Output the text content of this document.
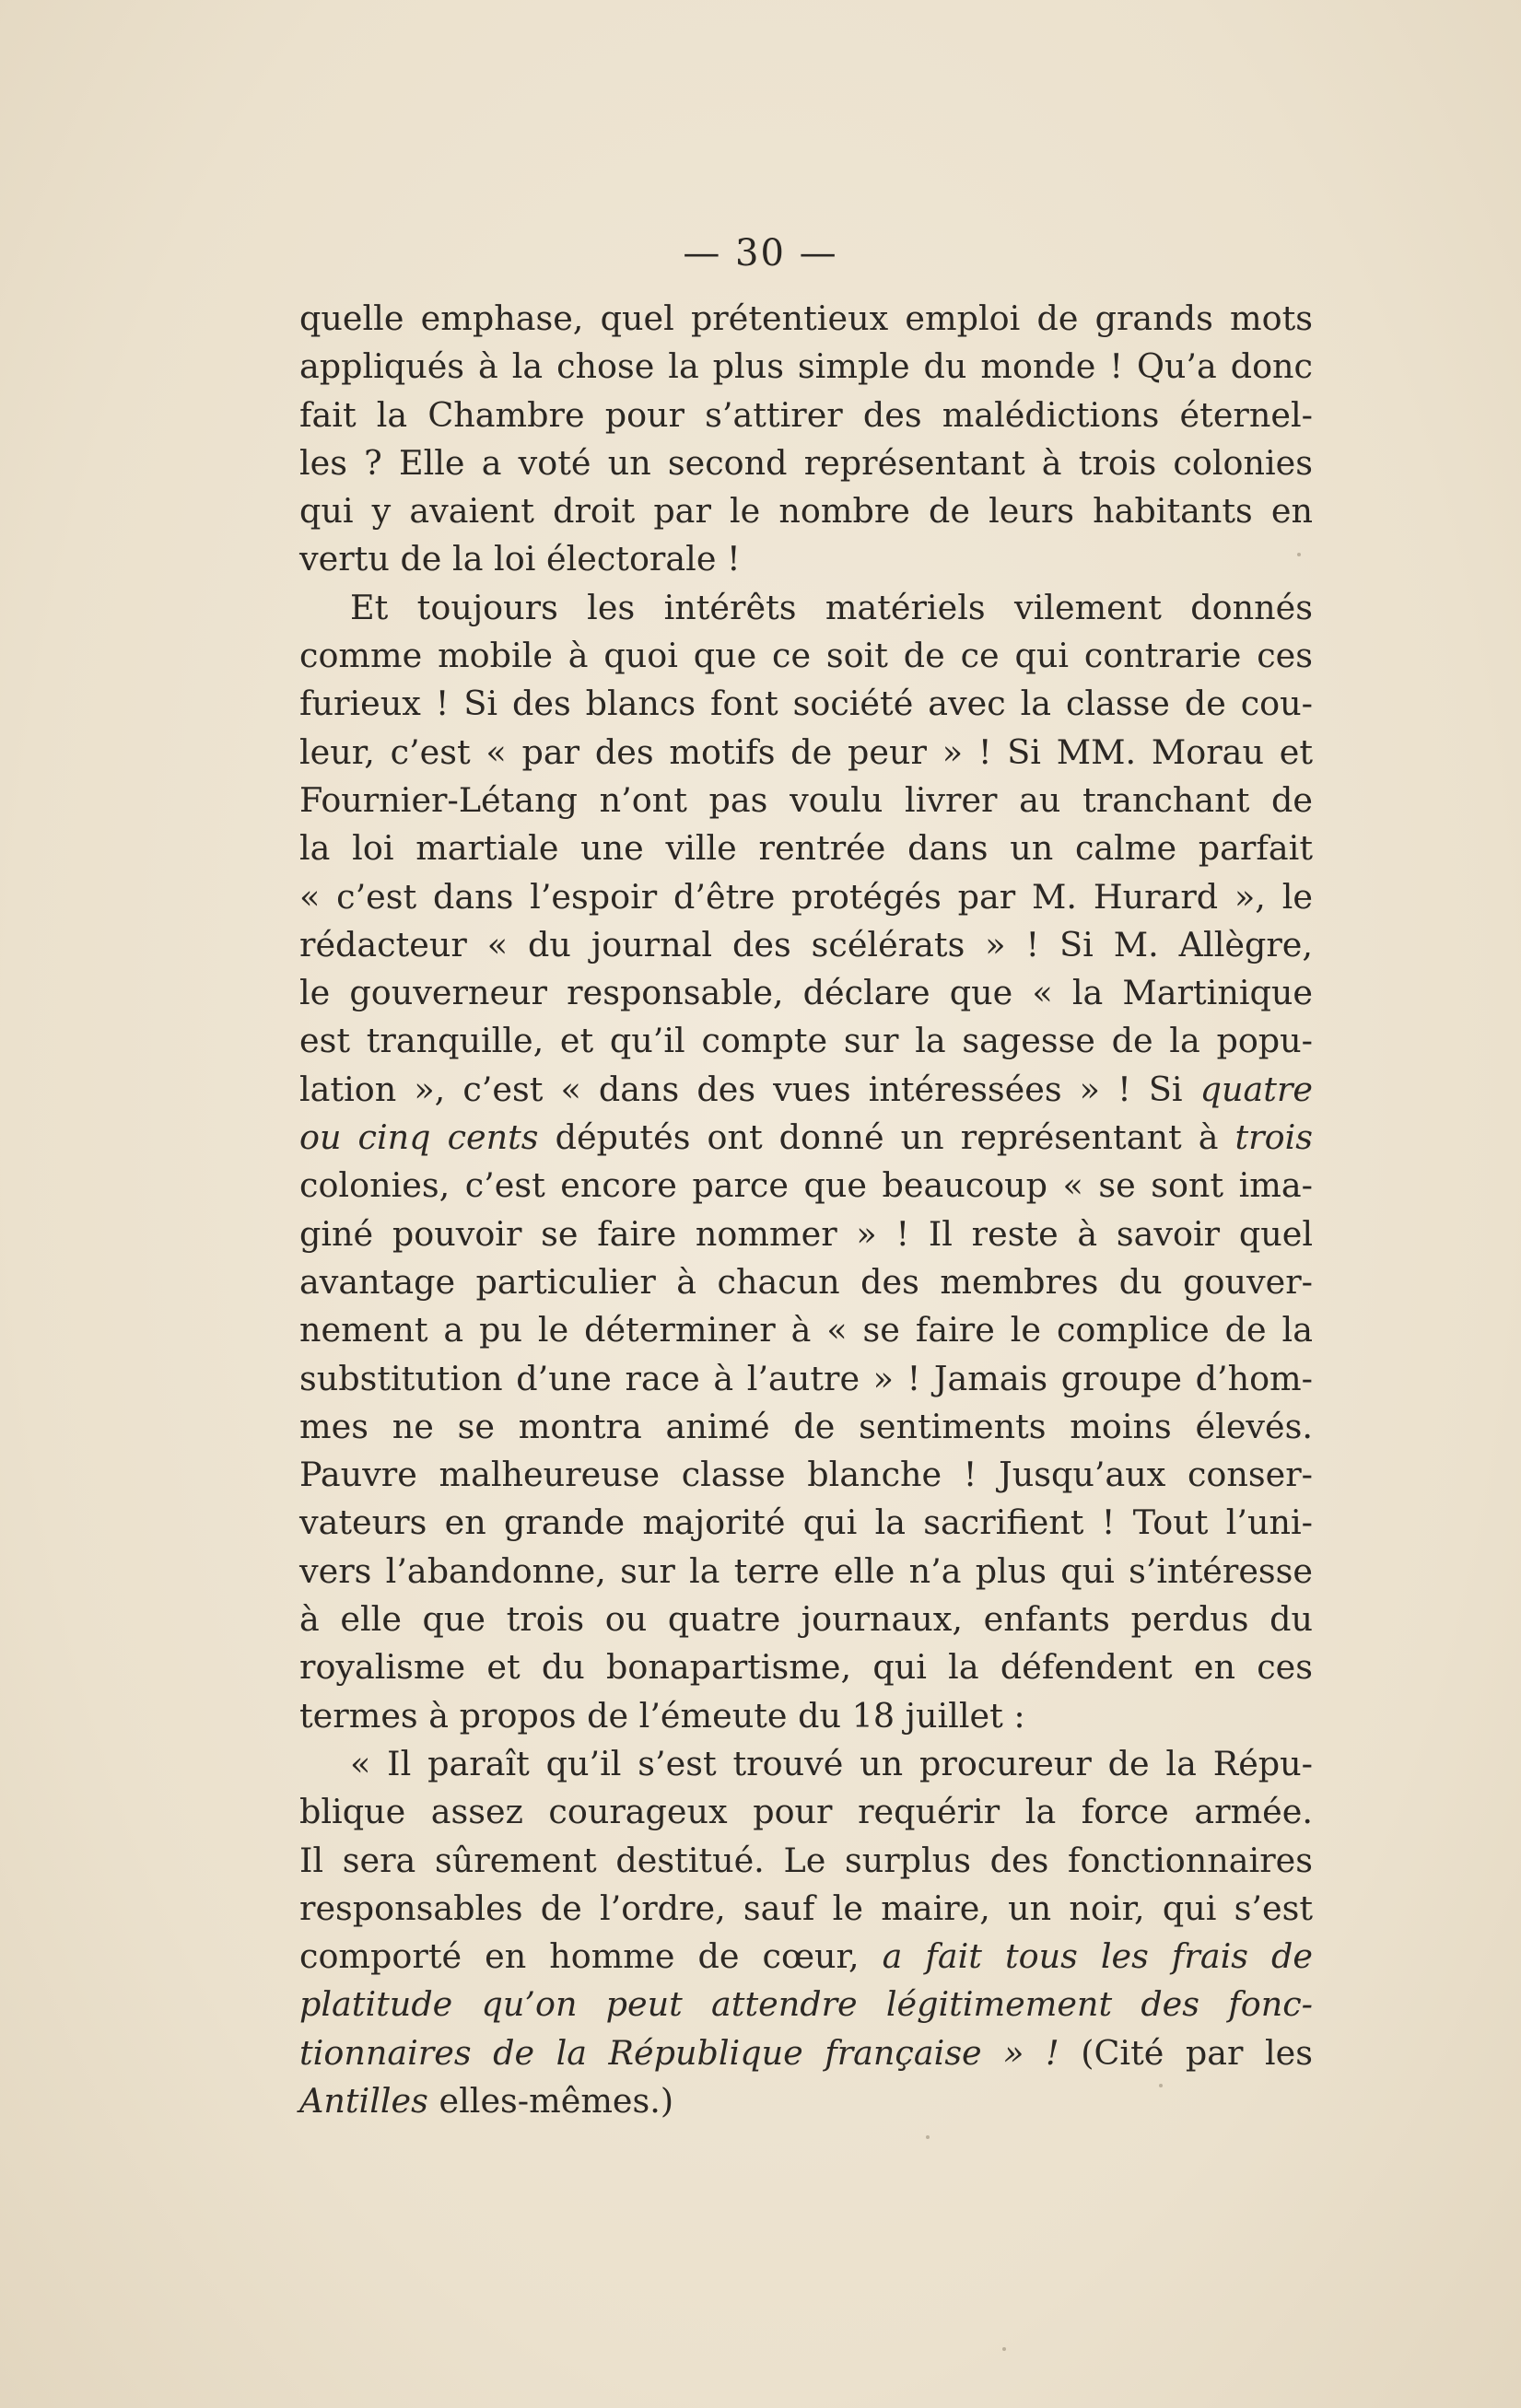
— 30 —
quelle emphase, quel prétentieux emploi de grands mots
appliqués à la chose la plus simple du monde ! Qu’a donc
fait la Chambre pour s’attirer des malédictions éternel-
les ? Elle a voté un second représentant à trois colonies
qui y avaient droit par le nombre de leurs habitants en
vertu de la loi électorale !
Et toujours les intérêts matériels vilement donnés
comme mobile à quoi que ce soit de ce qui contrarie ces
furieux ! Si des blancs font société avec la classe de cou-
leur, c’est « par des motifs de peur » ! Si MM. Morau et
Fournier-Létang n’ont pas voulu livrer au tranchant de
la loi martiale une ville rentrée dans un calme parfait
« c’est dans l’espoir d’être protégés par M. Hurard », le
rédacteur « du journal des scélérats » ! Si M. Allègre,
le gouverneur responsable, déclare que « la Martinique
est tranquille, et qu’il compte sur la sagesse de la popu-
lation », c’est « dans des vues intéressées » ! Si quatre
ou cinq cents députés ont donné un représentant à trois
colonies, c’est encore parce que beaucoup « se sont ima-
giné pouvoir se faire nommer » ! Il reste à savoir quel
avantage particulier à chacun des membres du gouver-
nement a pu le déterminer à « se faire le complice de la
substitution d’une race à l’autre » ! Jamais groupe d’hom-
mes ne se montra animé de sentiments moins élevés.
Pauvre malheureuse classe blanche ! Jusqu’aux conser-
vateurs en grande majorité qui la sacrifient ! Tout l’uni-
vers l’abandonne, sur la terre elle n’a plus qui s’intéresse
à elle que trois ou quatre journaux, enfants perdus du
royalisme et du bonapartisme, qui la défendent en ces
termes à propos de l’émeute du 18 juillet :
« Il paraît qu’il s’est trouvé un procureur de la Répu-
blique assez courageux pour requérir la force armée.
Il sera sûrement destitué. Le surplus des fonctionnaires
responsables de l’ordre, sauf le maire, un noir, qui s’est
comporté en homme de cœur, a fait tous les frais de
platitude qu’on peut attendre légitimement des fonc-
tionnaires de la République française » ! (Cité par les
Antilles elles-mêmes.)
